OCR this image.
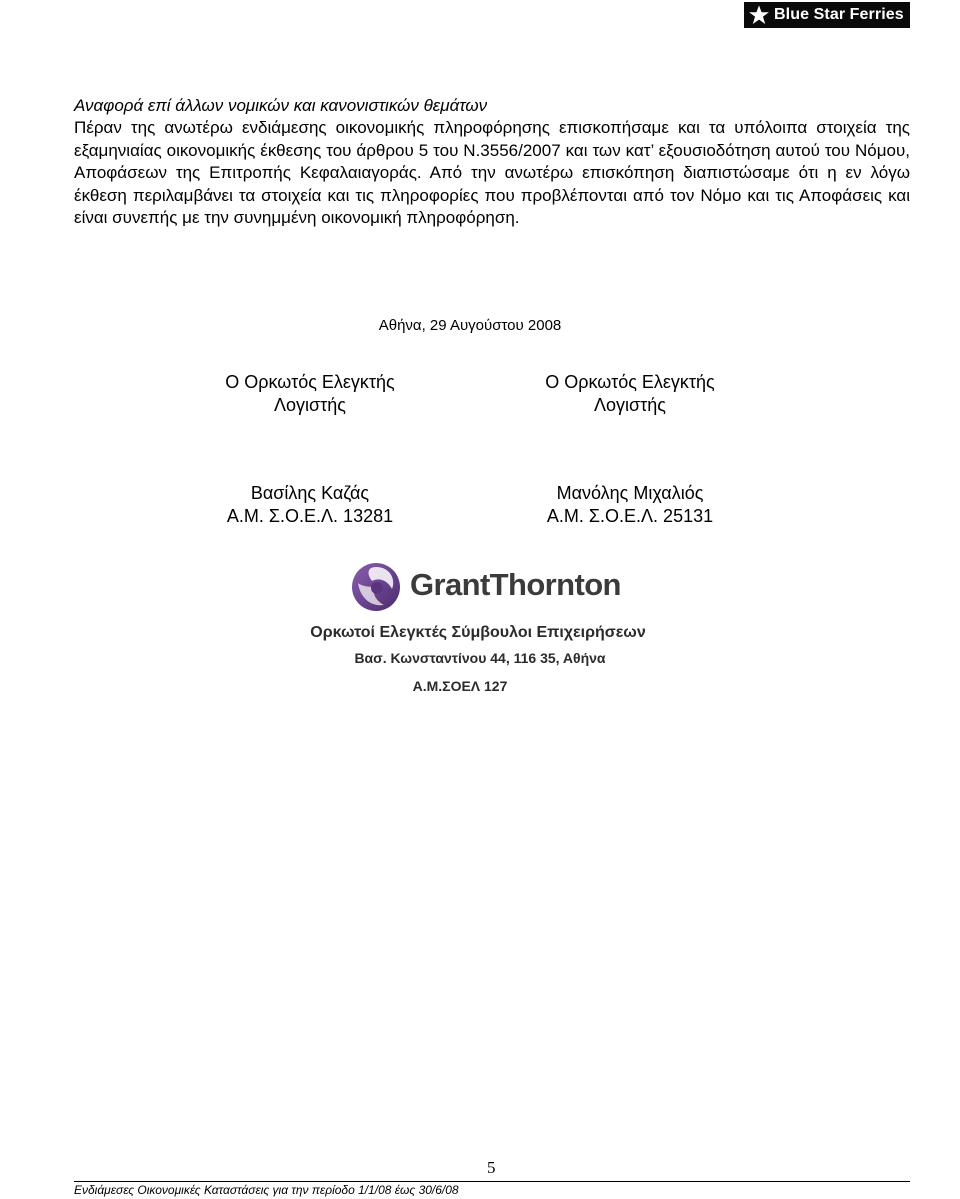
Blue Star Ferries
Αναφορά επί άλλων νομικών και κανονιστικών θεμάτων

Πέραν της ανωτέρω ενδιάμεσης οικονομικής πληροφόρησης επισκοπήσαμε και τα υπόλοιπα στοιχεία της εξαμηνιαίας οικονομικής έκθεσης του άρθρου 5 του Ν.3556/2007 και των κατ’ εξουσιοδότηση αυτού του Νόμου, Αποφάσεων της Επιτροπής Κεφαλαιαγοράς. Από την ανωτέρω επισκόπηση διαπιστώσαμε ότι η εν λόγω έκθεση περιλαμβάνει τα στοιχεία και τις πληροφορίες που προβλέπονται από τον Νόμο και τις Αποφάσεις και είναι συνεπής με την συνημμένη οικονομική πληροφόρηση.

Αθήνα, 29 Αυγούστου 2008
Ο Ορκωτός Ελεγκτής
Λογιστής
Ο Ορκωτός Ελεγκτής
Λογιστής
Βασίλης Καζάς
Α.Μ. Σ.Ο.Ε.Λ. 13281
Μανόλης Μιχαλιός
Α.Μ. Σ.Ο.Ε.Λ. 25131
GrantThornton
Ορκωτοί Ελεγκτές Σύμβουλοι Επιχειρήσεων
Βασ. Κωνσταντίνου 44, 116 35, Αθήνα
Α.Μ.ΣΟΕΛ 127
5
Ενδιάμεσες Οικονομικές Καταστάσεις για την περίοδο 1/1/08 έως 30/6/08
